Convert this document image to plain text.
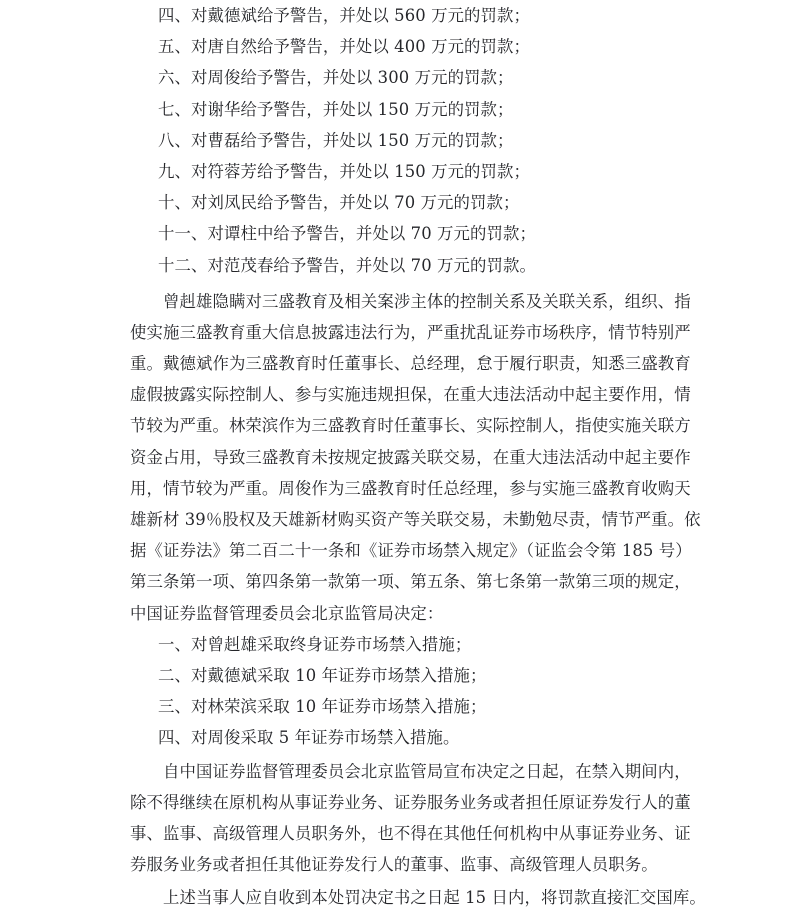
四、对戴德斌给予警告，并处以 560 万元的罚款；
五、对唐自然给予警告，并处以 400 万元的罚款；
六、对周俊给予警告，并处以 300 万元的罚款；
七、对谢华给予警告，并处以 150 万元的罚款；
八、对曹磊给予警告，并处以 150 万元的罚款；
九、对符蓉芳给予警告，并处以 150 万元的罚款；
十、对刘凤民给予警告，并处以 70 万元的罚款；
十一、对谭柱中给予警告，并处以 70 万元的罚款；
十二、对范茂春给予警告，并处以 70 万元的罚款。
曾赳雄隐瞒对三盛教育及相关案涉主体的控制关系及关联关系，组织、指
使实施三盛教育重大信息披露违法行为，严重扰乱证券市场秩序，情节特别严
重。戴德斌作为三盛教育时任董事长、总经理，怠于履行职责，知悉三盛教育
虚假披露实际控制人、参与实施违规担保，在重大违法活动中起主要作用，情
节较为严重。林荣滨作为三盛教育时任董事长、实际控制人，指使实施关联方
资金占用，导致三盛教育未按规定披露关联交易，在重大违法活动中起主要作
用，情节较为严重。周俊作为三盛教育时任总经理，参与实施三盛教育收购天
雄新材 39％股权及天雄新材购买资产等关联交易，未勤勉尽责，情节严重。依
据《证券法》第二百二十一条和《证券市场禁入规定》（证监会令第 185 号）
第三条第一项、第四条第一款第一项、第五条、第七条第一款第三项的规定，
中国证券监督管理委员会北京监管局决定：
一、对曾赳雄采取终身证券市场禁入措施；
二、对戴德斌采取 10 年证券市场禁入措施；
三、对林荣滨采取 10 年证券市场禁入措施；
四、对周俊采取 5 年证券市场禁入措施。
自中国证券监督管理委员会北京监管局宣布决定之日起，在禁入期间内，
除不得继续在原机构从事证券业务、证券服务业务或者担任原证券发行人的董
事、监事、高级管理人员职务外，也不得在其他任何机构中从事证券业务、证
券服务业务或者担任其他证券发行人的董事、监事、高级管理人员职务。
上述当事人应自收到本处罚决定书之日起 15 日内，将罚款直接汇交国库。
